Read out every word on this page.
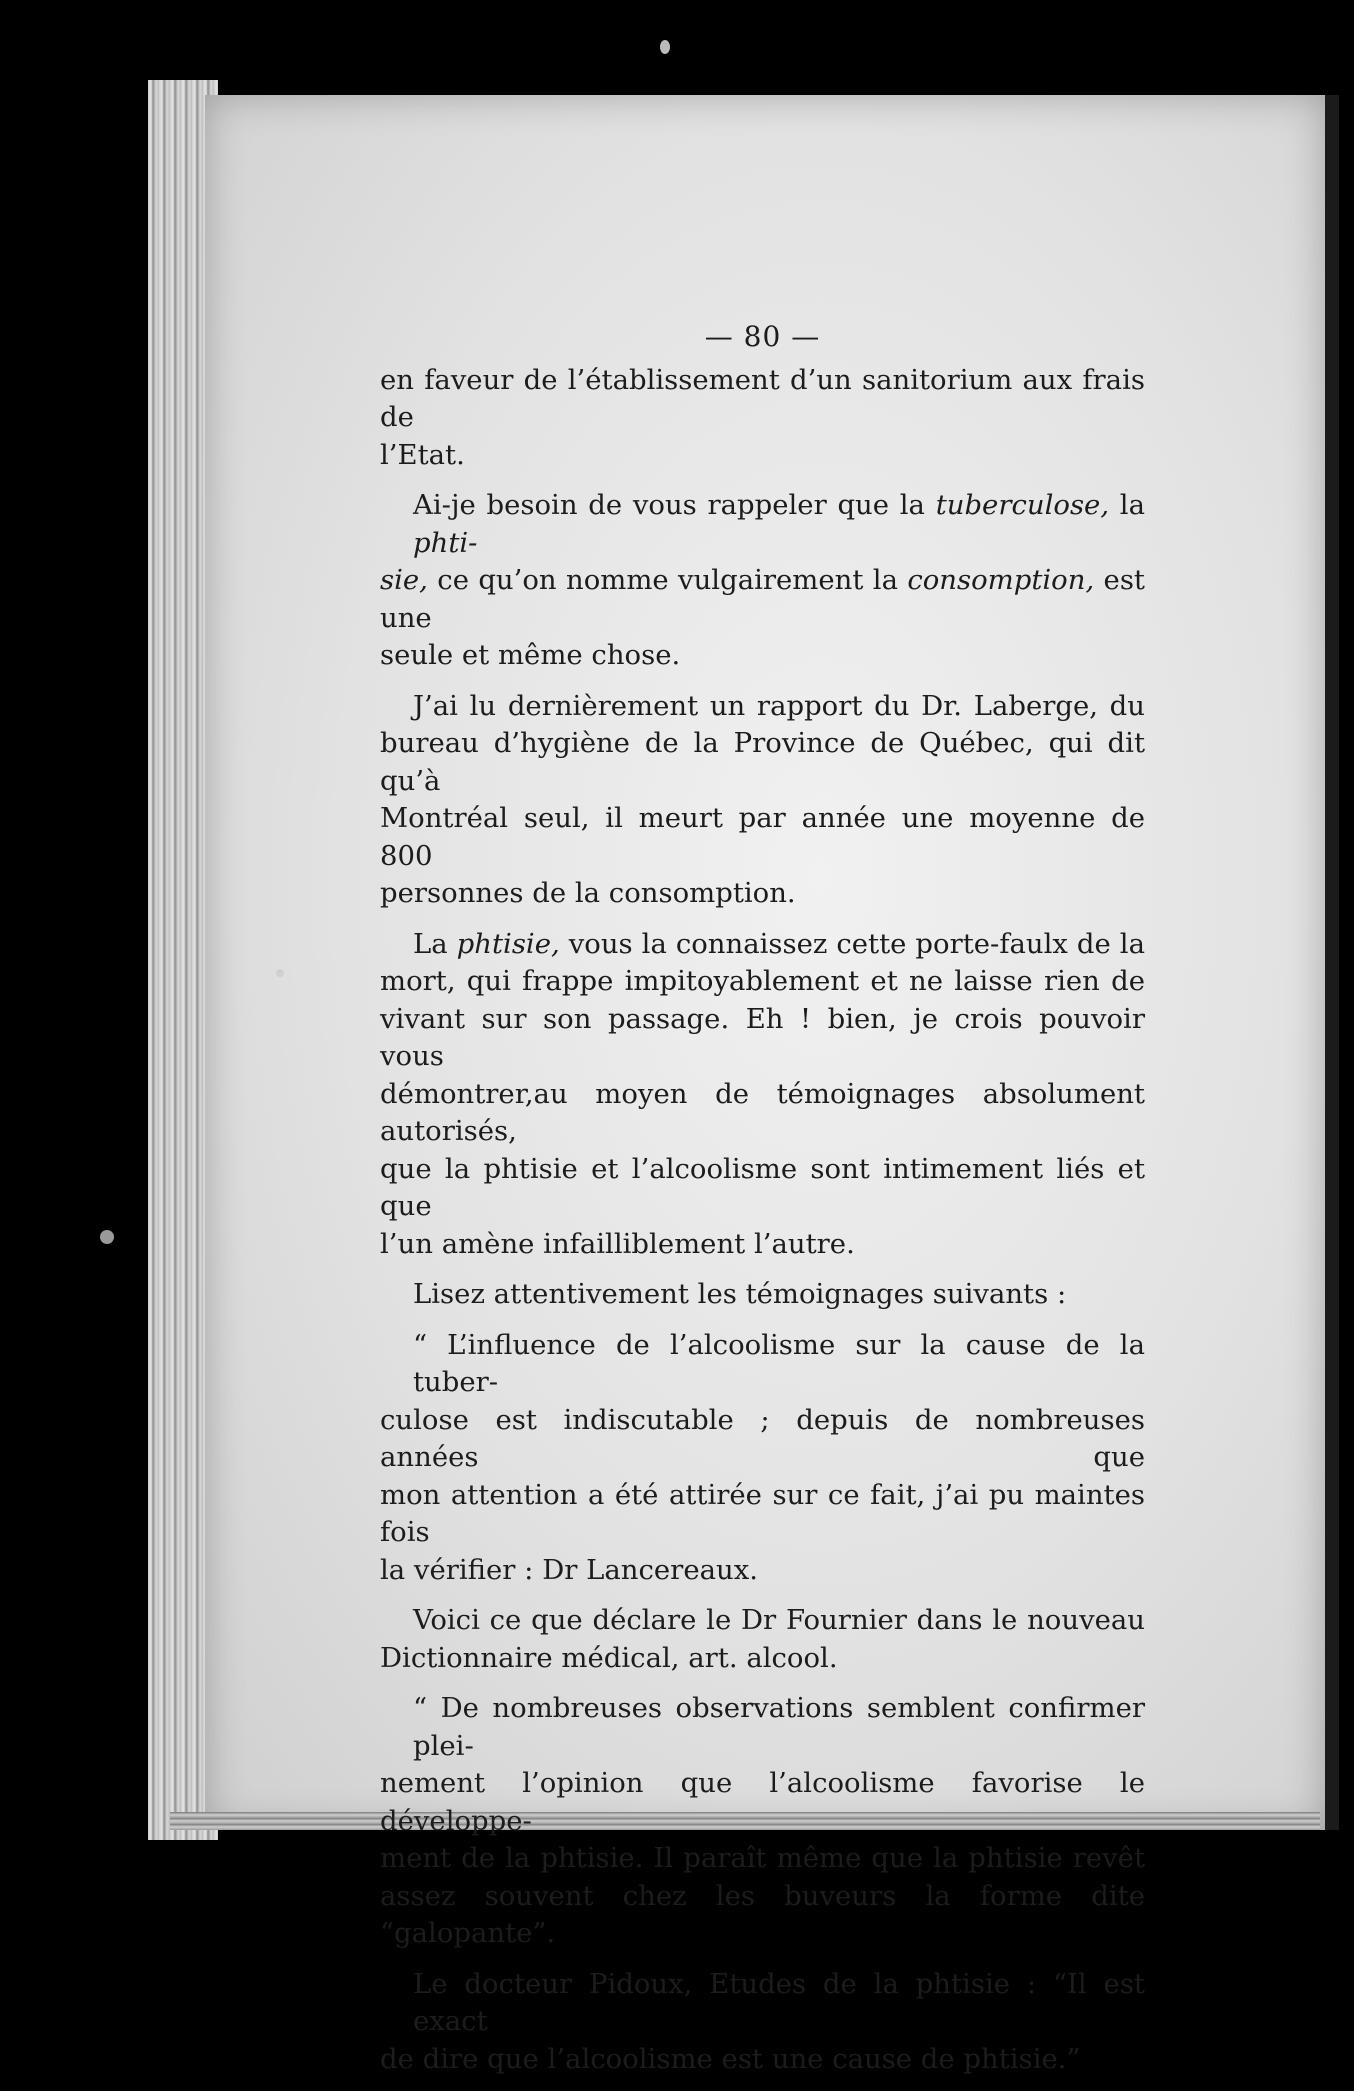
— 80 —
en faveur de l’établissement d’un sanitorium aux frais de
l’Etat.
Ai-je besoin de vous rappeler que la tuberculose, la phti-
sie, ce qu’on nomme vulgairement la consomption, est une
seule et même chose.
J’ai lu dernièrement un rapport du Dr. Laberge, du
bureau d’hygiène de la Province de Québec, qui dit qu’à
Montréal seul, il meurt par année une moyenne de 800
personnes de la consomption.
La phtisie, vous la connaissez cette porte-faulx de la
mort, qui frappe impitoyablement et ne laisse rien de
vivant sur son passage. Eh ! bien, je crois pouvoir vous
démontrer,au moyen de témoignages absolument autorisés,
que la phtisie et l’alcoolisme sont intimement liés et que
l’un amène infailliblement l’autre.
Lisez attentivement les témoignages suivants :
“ L’influence de l’alcoolisme sur la cause de la tuber-
culose est indiscutable ; depuis de nombreuses années que
mon attention a été attirée sur ce fait, j’ai pu maintes fois
la vérifier : Dr Lancereaux.
Voici ce que déclare le Dr Fournier dans le nouveau
Dictionnaire médical, art. alcool.
“ De nombreuses observations semblent confirmer plei-
nement l’opinion que l’alcoolisme favorise le développe-
ment de la phtisie. Il paraît même que la phtisie revêt
assez souvent chez les buveurs la forme dite “galopante”.
Le docteur Pidoux, Etudes de la phtisie : “Il est exact
de dire que l’alcoolisme est une cause de phtisie.”
